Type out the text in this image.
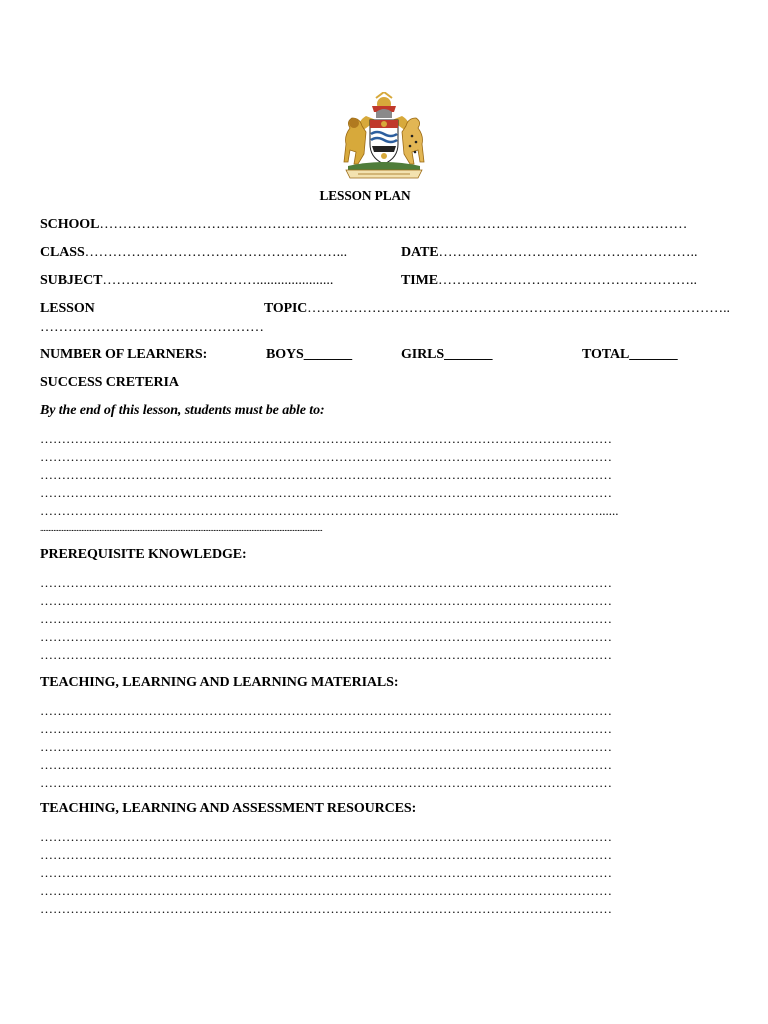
LESSON PLAN
SCHOOL………………………………………………………………………………………………………………
CLASS………………………………………………...	DATE………………………………………………..
SUBJECT……………………………......................	TIME………………………………………………..
LESSON	TOPIC………………………………………………………………………………..
…………………………………………
NUMBER OF LEARNERS:	BOYS_______	GIRLS_______	TOTAL_______
SUCCESS CRETERIA
By the end of this lesson, students must be able to:
……………………………………………………………………………………………………………………
……………………………………………………………………………………………………………………
……………………………………………………………………………………………………………………
……………………………………………………………………………………………………………………
…………………………………………………………………………………………………………………......
...........................................................................................................................................................................
PREREQUISITE KNOWLEDGE:
……………………………………………………………………………………………………………………
……………………………………………………………………………………………………………………
……………………………………………………………………………………………………………………
……………………………………………………………………………………………………………………
……………………………………………………………………………………………………………………
TEACHING, LEARNING AND LEARNING MATERIALS:
……………………………………………………………………………………………………………………
……………………………………………………………………………………………………………………
……………………………………………………………………………………………………………………
……………………………………………………………………………………………………………………
……………………………………………………………………………………………………………………
TEACHING, LEARNING AND ASSESSMENT RESOURCES:
……………………………………………………………………………………………………………………
……………………………………………………………………………………………………………………
……………………………………………………………………………………………………………………
……………………………………………………………………………………………………………………
……………………………………………………………………………………………………………………
